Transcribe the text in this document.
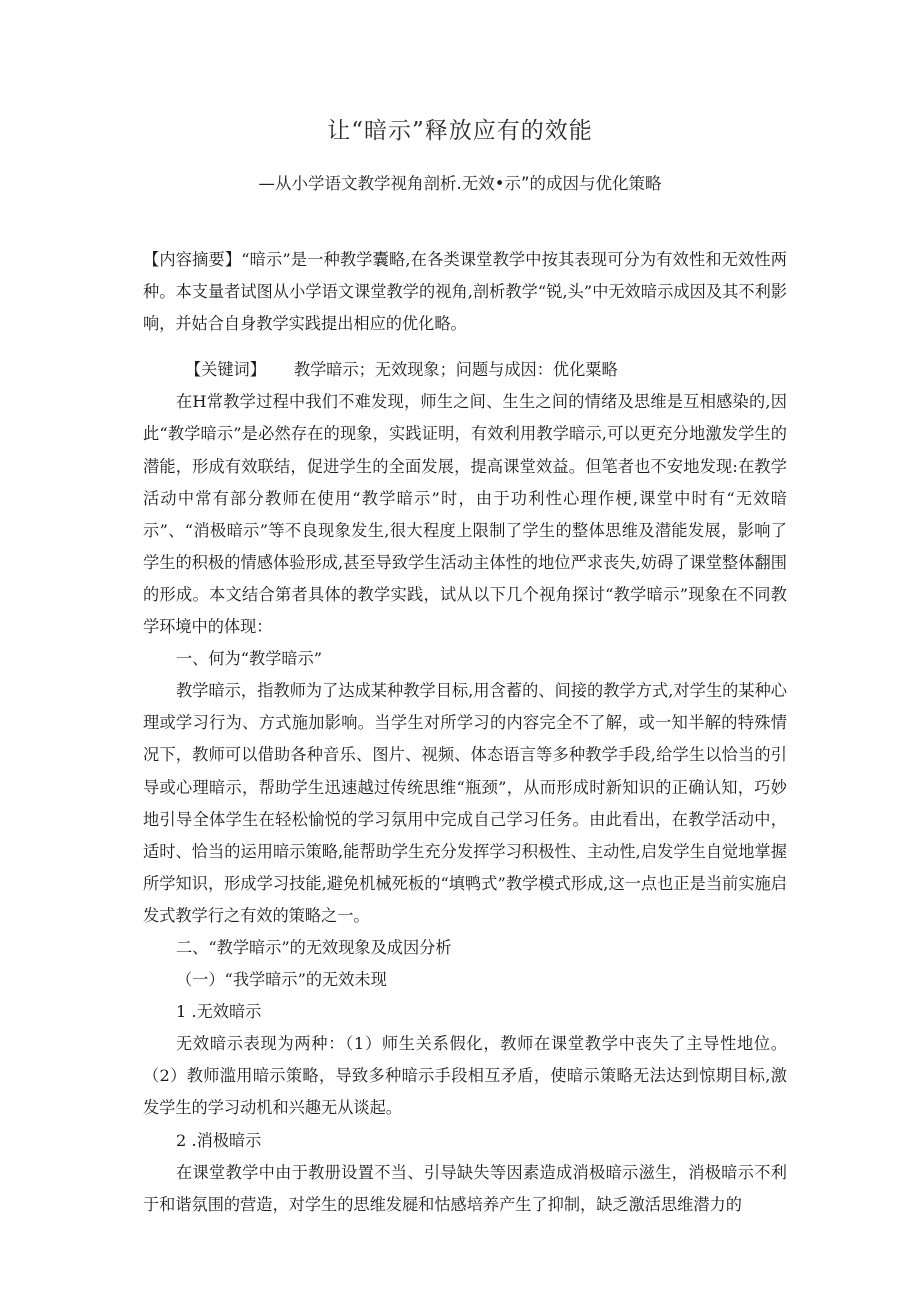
让“暗示”释放应有的效能
—从小学语文教学视角剖析.无效•示”的成因与优化策略

【内容摘要】“暗示”是一种教学囊略,在各类课堂教学中按其表现可分为有效性和无效性两种。本支量者试图从小学语文课堂教学的视角,剖析教学“锐,头”中无效暗示成因及其不利影响，并姑合自身教学实践提出相应的优化略。

【关键词】 教学暗示；无效现象；问题与成因：优化粟略

在H常教学过程中我们不难发现，师生之间、生生之间的情绪及思维是互相感染的,因此“教学暗示”是必然存在的现象，实践证明，有效利用教学暗示,可以更充分地激发学生的潜能，形成有效联结，促进学生的全面发展，提高课堂效益。但笔者也不安地发现:在教学活动中常有部分教师在使用“教学暗示”时，由于功利性心理作梗,课堂中时有“无效暗示”、“消极暗示”等不良现象发生,很大程度上限制了学生的整体思维及潜能发展，影响了学生的积极的情感体验形成,甚至导致学生活动主体性的地位严求丧失,妨碍了课堂整体翻围的形成。本文结合第者具体的教学实践，试从以下几个视角探讨“教学暗示”现象在不同教学环境中的体现：

一、何为“教学暗示”

教学暗示，指教师为了达成某种教学目标,用含蓄的、间接的教学方式,对学生的某种心理或学习行为、方式施加影响。当学生对所学习的内容完全不了解，或一知半解的特殊情况下，教师可以借助各种音乐、图片、视频、体态语言等多种教学手段,给学生以恰当的引导或心理暗示，帮助学生迅速越过传统思维“瓶颈”，从而形成时新知识的正确认知，巧妙地引导全体学生在轻松愉悦的学习氛用中完成自己学习任务。由此看出，在教学活动中，适时、恰当的运用暗示策略,能帮助学生充分发挥学习积极性、主动性,启发学生自觉地掌握所学知识，形成学习技能,避免机械死板的“填鸭式”教学模式形成,这一点也正是当前实施启发式教学行之有效的策略之一。

二、“教学暗示”的无效现象及成因分析

（一）“我学暗示”的无效未现

1 .无效暗示

无效暗示表现为两种：（1）师生关系假化，教师在课堂教学中丧失了主导性地位。（2）教师滥用暗示策略，导致多种暗示手段相互矛盾，使暗示策略无法达到惊期目标,激发学生的学习动机和兴趣无从谈起。

2 .消极暗示

在课堂教学中由于教册设置不当、引导缺失等因素造成消极暗示滋生，消极暗示不利于和谐氛围的营造，对学生的思维发屣和怙感培养产生了抑制，缺乏激活思维潜力的
